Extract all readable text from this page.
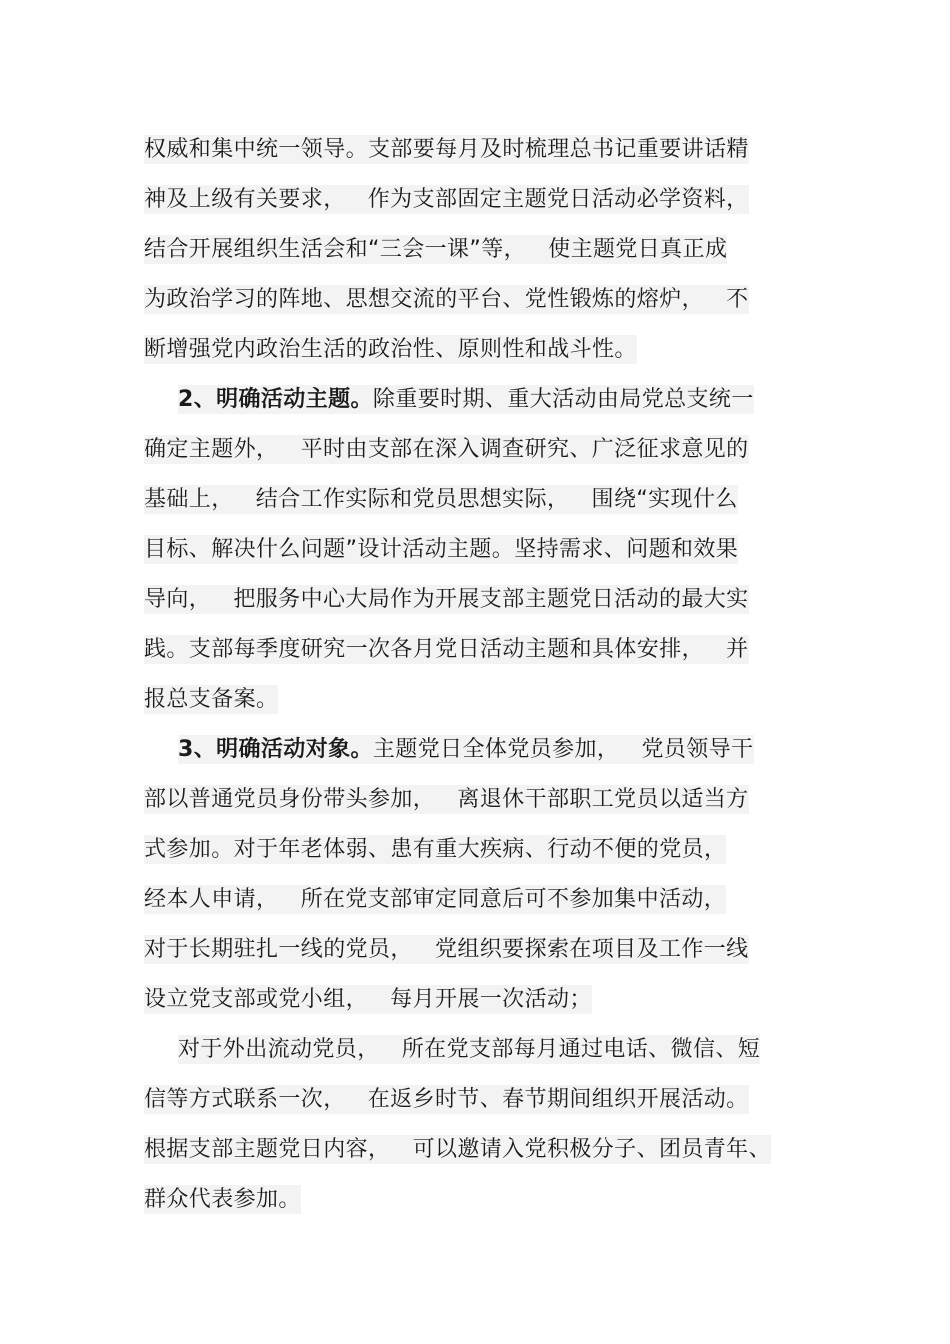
权威和集中统一领导。支部要每月及时梳理总书记重要讲话精
神及上级有关要求，   作为支部固定主题党日活动必学资料，
结合开展组织生活会和“三会一课”等，   使主题党日真正成
为政治学习的阵地、思想交流的平台、党性锻炼的熔炉，   不
断增强党内政治生活的政治性、原则性和战斗性。
2、明确活动主题。除重要时期、重大活动由局党总支统一
确定主题外，   平时由支部在深入调查研究、广泛征求意见的
基础上，   结合工作实际和党员思想实际，   围绕“实现什么
目标、解决什么问题”设计活动主题。坚持需求、问题和效果
导向，   把服务中心大局作为开展支部主题党日活动的最大实
践。支部每季度研究一次各月党日活动主题和具体安排，   并
报总支备案。
3、明确活动对象。主题党日全体党员参加，   党员领导干
部以普通党员身份带头参加，   离退休干部职工党员以适当方
式参加。对于年老体弱、患有重大疾病、行动不便的党员，
经本人申请，   所在党支部审定同意后可不参加集中活动，
对于长期驻扎一线的党员，   党组织要探索在项目及工作一线
设立党支部或党小组，   每月开展一次活动；
对于外出流动党员，   所在党支部每月通过电话、微信、短
信等方式联系一次，   在返乡时节、春节期间组织开展活动。
根据支部主题党日内容，   可以邀请入党积极分子、团员青年、
群众代表参加。
